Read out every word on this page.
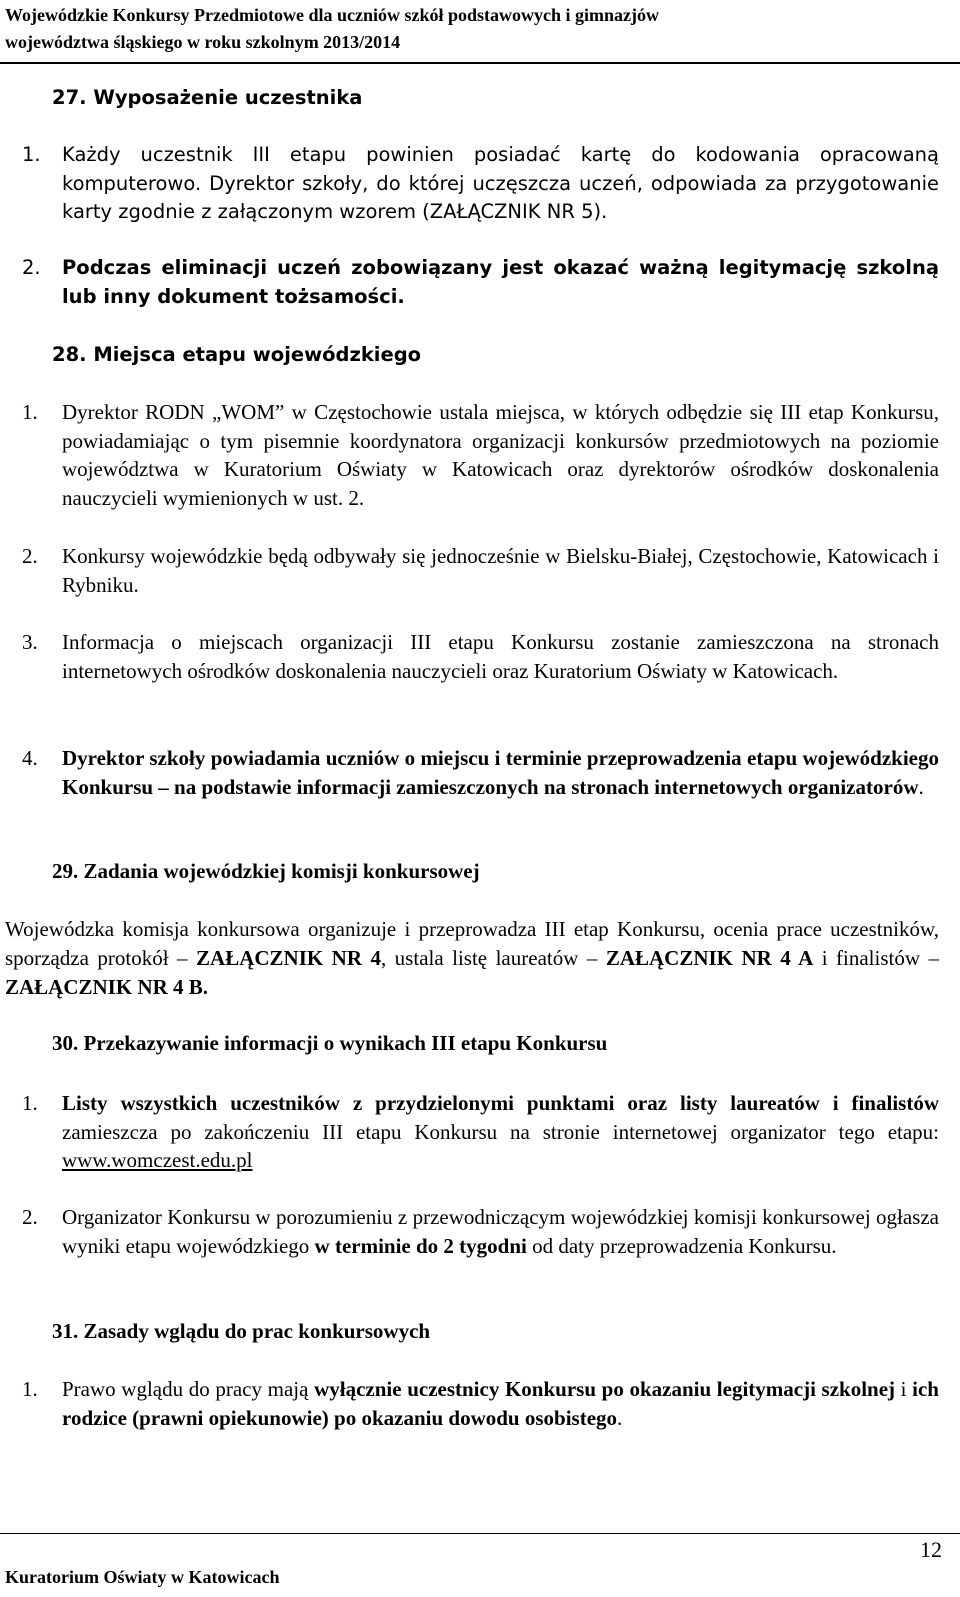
Wojewódzkie Konkursy Przedmiotowe dla uczniów szkół podstawowych i gimnazjów
województwa śląskiego w roku szkolnym 2013/2014
27. Wyposażenie uczestnika
1.	Każdy uczestnik III etapu powinien posiadać kartę do kodowania opracowaną komputerowo. Dyrektor szkoły, do której uczęszcza uczeń, odpowiada za przygotowanie karty zgodnie z załączonym wzorem (ZAŁĄCZNIK NR 5).
2.	Podczas eliminacji uczeń zobowiązany jest okazać ważną legitymację szkolną lub inny dokument tożsamości.
28. Miejsca etapu wojewódzkiego
1.	Dyrektor RODN „WOM” w Częstochowie ustala miejsca, w których odbędzie się III etap Konkursu, powiadamiając o tym pisemnie koordynatora organizacji konkursów przedmiotowych na poziomie województwa w Kuratorium Oświaty w Katowicach oraz dyrektorów ośrodków doskonalenia nauczycieli wymienionych w ust. 2.
2.	Konkursy wojewódzkie będą odbywały się jednocześnie w Bielsku-Białej, Częstochowie, Katowicach i Rybniku.
3.	Informacja o miejscach organizacji III etapu Konkursu zostanie zamieszczona na stronach internetowych ośrodków doskonalenia nauczycieli oraz Kuratorium Oświaty w Katowicach.
4.	Dyrektor szkoły powiadamia uczniów o miejscu i terminie przeprowadzenia etapu wojewódzkiego Konkursu – na podstawie informacji zamieszczonych na stronach internetowych organizatorów.
29. Zadania wojewódzkiej komisji konkursowej
Wojewódzka komisja konkursowa organizuje i przeprowadza III etap Konkursu, ocenia prace uczestników, sporządza protokół – ZAŁĄCZNIK NR 4, ustala listę laureatów – ZAŁĄCZNIK NR 4 A i finalistów – ZAŁĄCZNIK NR 4 B.
30. Przekazywanie informacji o wynikach III etapu Konkursu
1.	Listy wszystkich uczestników z przydzielonymi punktami oraz listy laureatów i finalistów zamieszcza po zakończeniu III etapu Konkursu na stronie internetowej organizator tego etapu: www.womczest.edu.pl
2.	Organizator Konkursu w porozumieniu z przewodniczącym wojewódzkiej komisji konkursowej ogłasza wyniki etapu wojewódzkiego w terminie do 2 tygodni od daty przeprowadzenia Konkursu.
31. Zasady wglądu do prac konkursowych
1.	Prawo wglądu do pracy mają wyłącznie uczestnicy Konkursu po okazaniu legitymacji szkolnej i ich rodzice (prawni opiekunowie) po okazaniu dowodu osobistego.
12
Kuratorium Oświaty w Katowicach
